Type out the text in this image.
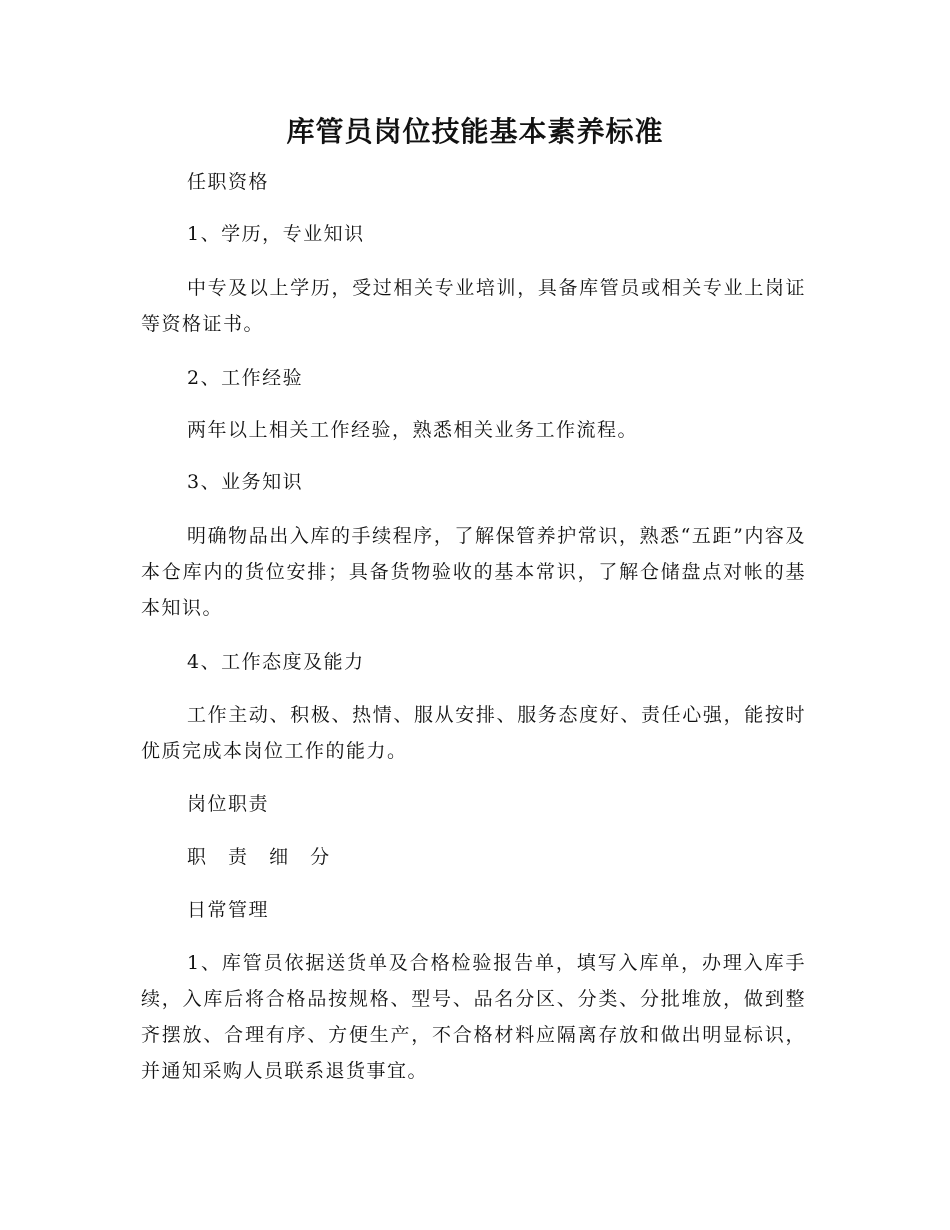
库管员岗位技能基本素养标准

任职资格

1、学历，专业知识

中专及以上学历，受过相关专业培训，具备库管员或相关专业上岗证等资格证书。

2、工作经验

两年以上相关工作经验，熟悉相关业务工作流程。

3、业务知识

明确物品出入库的手续程序，了解保管养护常识，熟悉“五距”内容及本仓库内的货位安排；具备货物验收的基本常识，了解仓储盘点对帐的基本知识。

4、工作态度及能力

工作主动、积极、热情、服从安排、服务态度好、责任心强，能按时优质完成本岗位工作的能力。

岗位职责

职 责 细 分

日常管理

1、库管员依据送货单及合格检验报告单，填写入库单，办理入库手续，入库后将合格品按规格、型号、品名分区、分类、分批堆放，做到整齐摆放、合理有序、方便生产，不合格材料应隔离存放和做出明显标识，并通知采购人员联系退货事宜。
